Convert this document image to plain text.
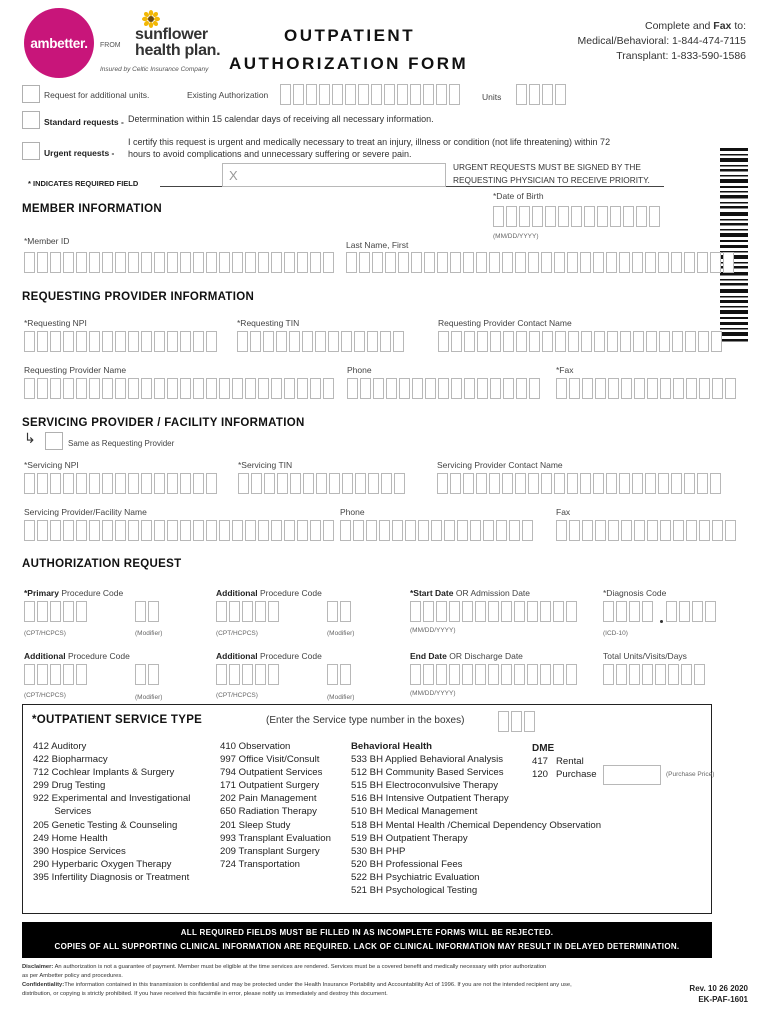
ambetter. FROM
sunflower
health plan.
Insured by Celtic Insurance Company
OUTPATIENT
AUTHORIZATION FORM
Complete and Fax to:
Medical/Behavioral: 1-844-474-7115
Transplant: 1-833-590-1586
Request for additional units.	Existing Authorization	Units
Standard requests - Determination within 15 calendar days of receiving all necessary information.
Urgent requests -
I certify this request is urgent and medically necessary to treat an injury, illness or condition (not life threatening) within 72
hours to avoid complications and unnecessary suffering or severe pain.
* INDICATES REQUIRED FIELD
X
URGENT REQUESTS MUST BE SIGNED BY THE
REQUESTING PHYSICIAN TO RECEIVE PRIORITY.
*Date of Birth
MEMBER INFORMATION
(MM/DD/YYYY)
*Member ID	Last Name, First
REQUESTING PROVIDER INFORMATION
*Requesting NPI	*Requesting TIN	Requesting Provider Contact Name
Requesting Provider Name	Phone	*Fax
SERVICING PROVIDER / FACILITY INFORMATION
↳	Same as Requesting Provider
*Servicing NPI	*Servicing TIN	Servicing Provider Contact Name
Servicing Provider/Facility Name	Phone	Fax
AUTHORIZATION REQUEST
*Primary Procedure Code	Additional Procedure Code	*Start Date OR Admission Date	*Diagnosis Code
(CPT/HCPCS)	(Modifier)	(CPT/HCPCS)	(Modifier)	(MM/DD/YYYY)	(ICD-10)
Additional Procedure Code	Additional Procedure Code	End Date OR Discharge Date	Total Units/Visits/Days
(CPT/HCPCS)	(Modifier)	(CPT/HCPCS)	(Modifier)
(MM/DD/YYYY)
*OUTPATIENT SERVICE TYPE	(Enter the Service type number in the boxes)
412 Auditory
422 Biopharmacy
712 Cochlear Implants & Surgery
299 Drug Testing
922 Experimental and Investigational
Services
205 Genetic Testing & Counseling
249 Home Health
390 Hospice Services
290 Hyperbaric Oxygen Therapy
395 Infertility Diagnosis or Treatment
410 Observation
997 Office Visit/Consult
794 Outpatient Services
171 Outpatient Surgery
202 Pain Management
650 Radiation Therapy
201 Sleep Study
993 Transplant Evaluation
209 Transplant Surgery
724 Transportation
Behavioral Health
533 BH Applied Behavioral Analysis
512 BH Community Based Services
515 BH Electroconvulsive Therapy
516 BH Intensive Outpatient Therapy
510 BH Medical Management
518 BH Mental Health /Chemical Dependency Observation
519 BH Outpatient Therapy
530 BH PHP
520 BH Professional Fees
522 BH Psychiatric Evaluation
521 BH Psychological Testing
DME
417   Rental
120   Purchase	(Purchase Price)
ALL REQUIRED FIELDS MUST BE FILLED IN AS INCOMPLETE FORMS WILL BE REJECTED.
COPIES OF ALL SUPPORTING CLINICAL INFORMATION ARE REQUIRED. LACK OF CLINICAL INFORMATION MAY RESULT IN DELAYED DETERMINATION.
Disclaimer: An authorization is not a guarantee of payment. Member must be eligible at the time services are rendered. Services must be a covered benefit and medically necessary with prior authorization
as per Ambetter policy and procedures.
Confidentiality:The information contained in this transmission is confidential and may be protected under the Health Insurance Portability and Accountability Act of 1996. If you are not the intended recipient any use,
distribution, or copying is strictly prohibited. If you have received this facsimile in error, please notify us immediately and destroy this document.
Rev. 10 26 2020
EK-PAF-1601
